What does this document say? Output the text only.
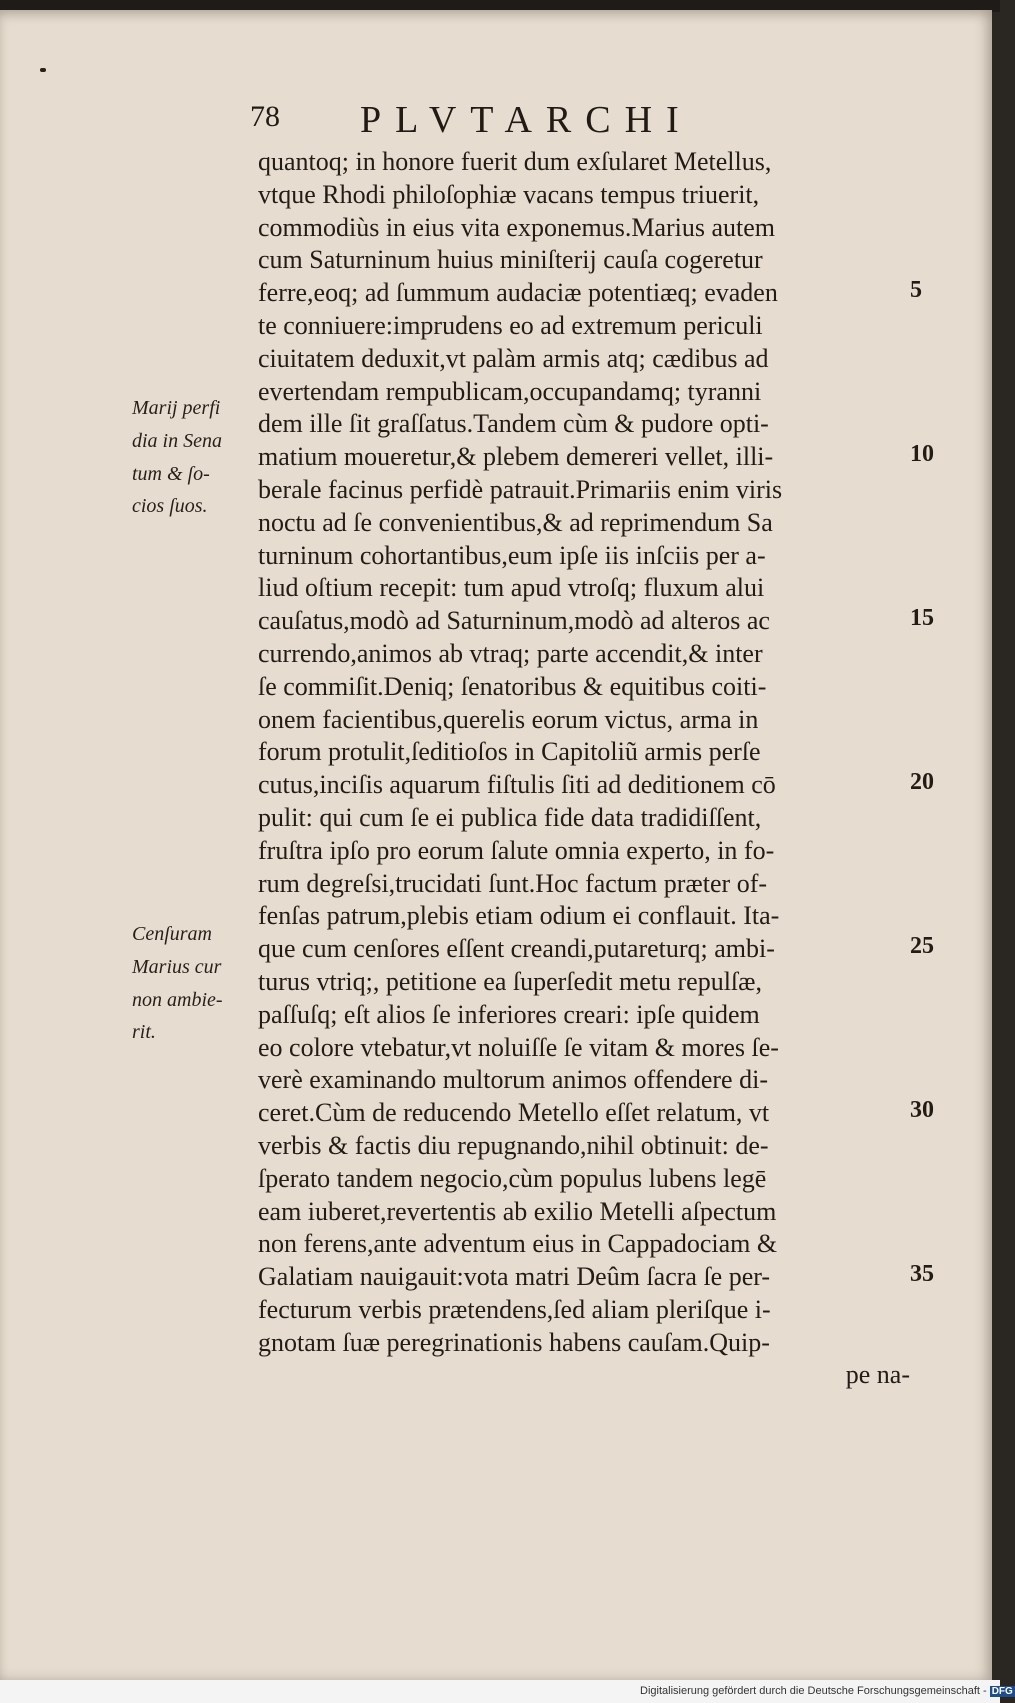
78 PLVTARCHI
quantoq; in honore fuerit dum exſularet Metellus,
vtque Rhodi philoſophiæ vacans tempus triuerit,
commodiùs in eius vita exponemus.Marius autem
cum Saturninum huius miniſterij cauſa cogeretur
ferre,eoq; ad ſummum audaciæ potentiæq; evaden
te conniuere:imprudens eo ad extremum periculi
ciuitatem deduxit,vt palàm armis atq; cædibus ad
evertendam rempublicam,occupandamq; tyranni
dem ille ſit graſſatus.Tandem cùm & pudore opti-
matium moueretur,& plebem demereri vellet, illi-
berale facinus perfidè patrauit.Primariis enim viris
noctu ad ſe convenientibus,& ad reprimendum Sa
turninum cohortantibus,eum ipſe iis inſciis per a-
liud oſtium recepit: tum apud vtroſq; fluxum alui
cauſatus,modò ad Saturninum,modò ad alteros ac
currendo,animos ab vtraq; parte accendit,& inter
ſe commiſit.Deniq; ſenatoribus & equitibus coiti-
onem facientibus,querelis eorum victus, arma in
forum protulit,ſeditioſos in Capitoliũ armis perſe
cutus,inciſis aquarum fiſtulis ſiti ad deditionem cō
pulit: qui cum ſe ei publica fide data tradidiſſent,
fruſtra ipſo pro eorum ſalute omnia experto, in fo-
rum degreſsi,trucidati ſunt.Hoc factum præter of-
fenſas patrum,plebis etiam odium ei conflauit. Ita-
que cum cenſores eſſent creandi,putareturq; ambi-
turus vtriq;, petitione ea ſuperſedit metu repulſæ,
paſſuſq; eſt alios ſe inferiores creari: ipſe quidem
eo colore vtebatur,vt noluiſſe ſe vitam & mores ſe-
verè examinando multorum animos offendere di-
ceret.Cùm de reducendo Metello eſſet relatum, vt
verbis & factis diu repugnando,nihil obtinuit: de-
ſperato tandem negocio,cùm populus lubens legē
eam iuberet,revertentis ab exilio Metelli aſpectum
non ferens,ante adventum eius in Cappadociam &
Galatiam nauigauit:vota matri Deûm ſacra ſe per-
fecturum verbis prætendens,ſed aliam pleriſque i-
gnotam ſuæ peregrinationis habens cauſam.Quip-
pe na-
5
10
15
20
25
30
35
Marij perfi
dia in Sena
tum & ſo-
cios ſuos.
Cenſuram
Marius cur
non ambie-
rit.
Digitalisierung gefördert durch die Deutsche Forschungsgemeinschaft - DFG
